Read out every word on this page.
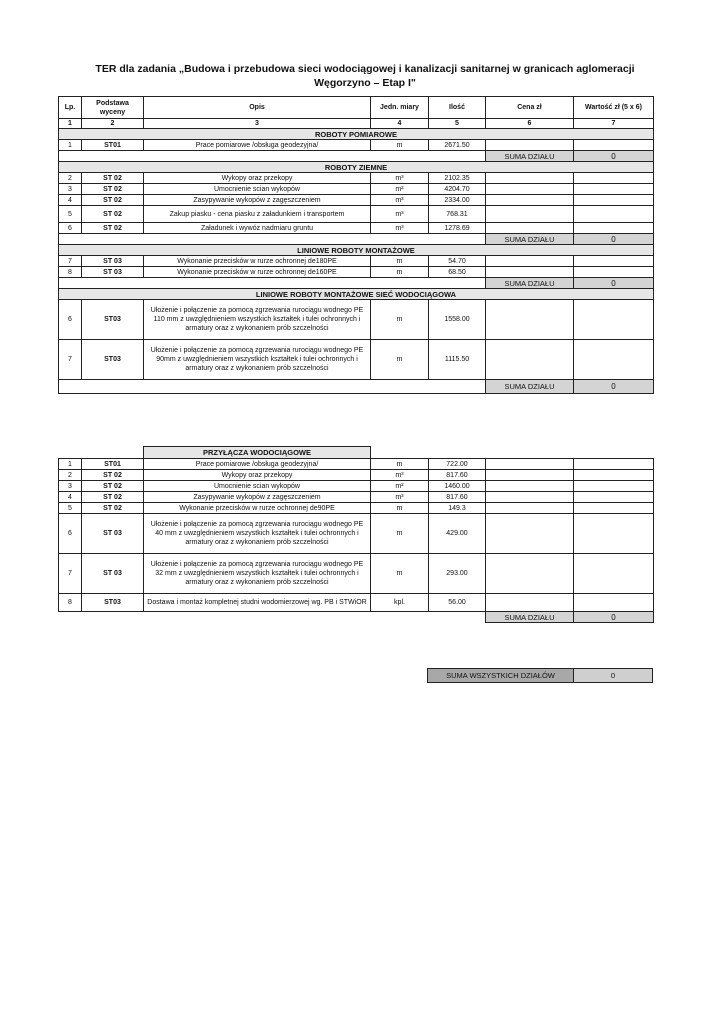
TER dla zadania „Budowa i przebudowa sieci wodociągowej i kanalizacji sanitarnej w granicach aglomeracji
Węgorzyno – Etap I"
Lp.	Podstawa wyceny	Opis	Jedn. miary	Ilość	Cena zł	Wartość zł (5 x 6)
1	2	3	4	5	6	7
ROBOTY POMIAROWE						
1	ST01	Prace pomiarowe /obsługa geodezyjna/	m	2671.50		
					SUMA DZIAŁU	0
ROBOTY ZIEMNE						
2	ST 02	Wykopy oraz przekopy	m³	2102.35		
3	ST 02	Umocnienie scian wykopów	m²	4204.70		
4	ST 02	Zasypywanie wykopów z zagęszczeniem	m³	2334.00		
5	ST 02	Zakup piasku - cena piasku z załadunkiem i transportem	m³	768.31		
6	ST 02	Załadunek i wywóz nadmiaru gruntu	m³	1278.69		
					SUMA DZIAŁU	0
LINIOWE ROBOTY MONTAŻOWE						
7	ST 03	Wykonanie przecisków w rurze ochronnej de180PE	m	54.70		
8	ST 03	Wykonanie przecisków w rurze ochronnej de160PE	m	68.50		
					SUMA DZIAŁU	0
LINIOWE ROBOTY MONTAŻOWE SIEĆ WODOCIĄGOWA						
6	ST03	Ułożenie i połączenie za pomocą zgrzewania rurociągu wodnego PE 110 mm z uwzględnieniem wszystkich kształtek i tulei ochronnych i armatury oraz z wykonaniem prób szczelności	m	1558.00		
7	ST03	Ułożenie i połączenie za pomocą zgrzewania rurociągu wodnego PE 90mm z uwzględnieniem wszystkich kształtek i tulei ochronnych i armatury oraz z wykonaniem prób szczelności	m	1115.50		
					SUMA DZIAŁU	0
		PRZYŁĄCZA WODOCIĄGOWE				
1	ST01	Prace pomiarowe /obsługa geodezyjna/	m	722.00		
2	ST 02	Wykopy oraz przekopy	m³	817.60		
3	ST 02	Umocnienie scian wykopów	m²	1460.00		
4	ST 02	Zasypywanie wykopów z zagęszczeniem	m³	817.60		
5	ST 02	Wykonanie przecisków w rurze ochronnej de90PE	m	149.3		
6	ST 03	Ułożenie i połączenie za pomocą zgrzewania rurociągu wodnego PE 40 mm z uwzględnieniem wszystkich kształtek i tulei ochronnych i armatury oraz z wykonaniem prób szczelności	m	429.00		
7	ST 03	Ułożenie i połączenie za pomocą zgrzewania rurociągu wodnego PE 32 mm z uwzględnieniem wszystkich kształtek i tulei ochronnych i armatury oraz z wykonaniem prób szczelności	m	293.00		
8	ST03	Dostawa i montaż kompletnej studni wodomierzowej wg. PB i STWiOR	kpl.	56.00		
					SUMA DZIAŁU	0
SUMA WSZYSTKICH DZIAŁÓW	0
